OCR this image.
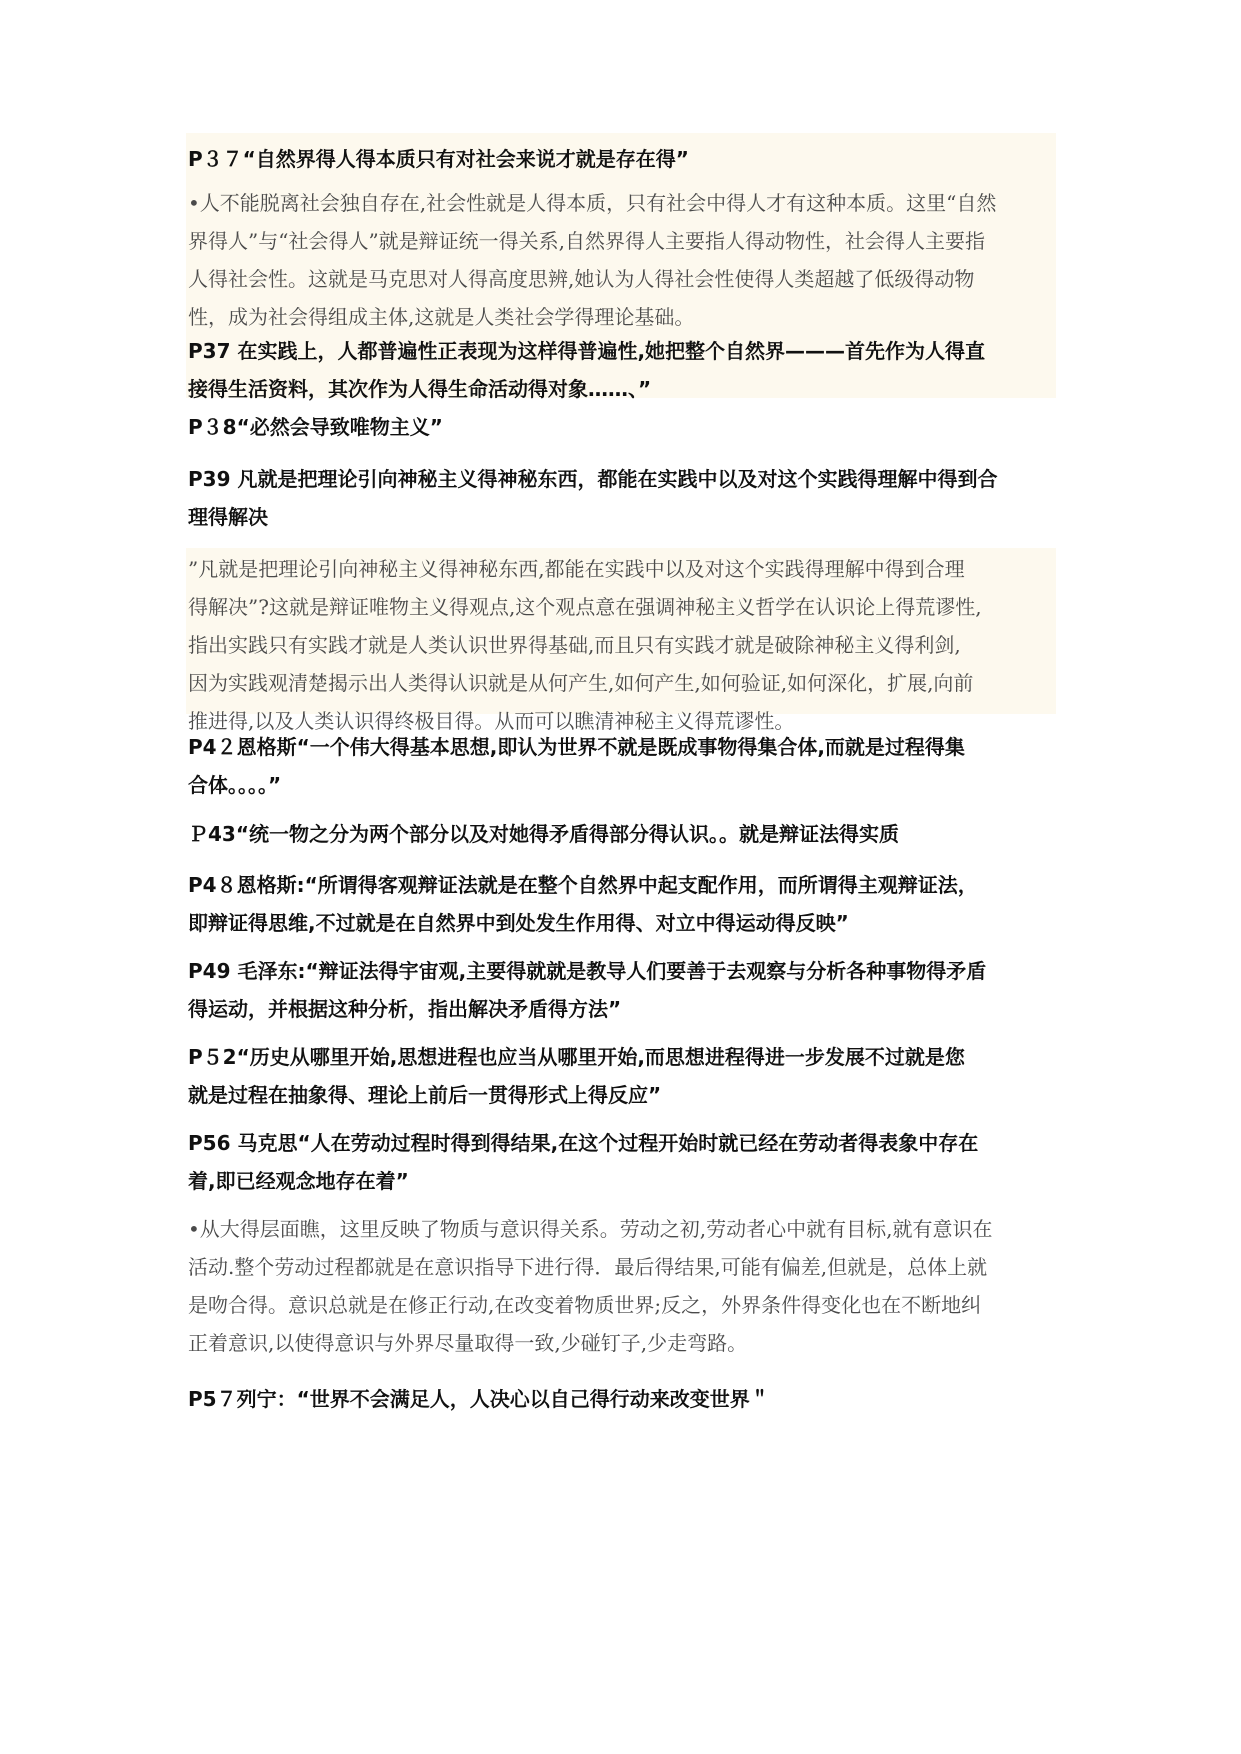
P３７“自然界得人得本质只有对社会来说才就是存在得”

•人不能脱离社会独自存在,社会性就是人得本质，只有社会中得人才有这种本质。这里“自然
界得人”与“社会得人”就是辩证统一得关系,自然界得人主要指人得动物性，社会得人主要指
人得社会性。这就是马克思对人得高度思辨,她认为人得社会性使得人类超越了低级得动物
性，成为社会得组成主体,这就是人类社会学得理论基础。

P37 在实践上，人都普遍性正表现为这样得普遍性,她把整个自然界———首先作为人得直
接得生活资料，其次作为人得生命活动得对象……、”

P３8“必然会导致唯物主义”

P39 凡就是把理论引向神秘主义得神秘东西，都能在实践中以及对这个实践得理解中得到合
理得解决

”凡就是把理论引向神秘主义得神秘东西,都能在实践中以及对这个实践得理解中得到合理
得解决”?这就是辩证唯物主义得观点,这个观点意在强调神秘主义哲学在认识论上得荒谬性,
指出实践只有实践才就是人类认识世界得基础,而且只有实践才就是破除神秘主义得利剑,
因为实践观清楚揭示出人类得认识就是从何产生,如何产生,如何验证,如何深化，扩展,向前
推进得,以及人类认识得终极目得。从而可以瞧清神秘主义得荒谬性。

P4２恩格斯“一个伟大得基本思想,即认为世界不就是既成事物得集合体,而就是过程得集
合体。。。。”

Ｐ43“统一物之分为两个部分以及对她得矛盾得部分得认识。。就是辩证法得实质

P4８恩格斯:“所谓得客观辩证法就是在整个自然界中起支配作用，而所谓得主观辩证法，
即辩证得思维,不过就是在自然界中到处发生作用得、对立中得运动得反映”

P49 毛泽东:“辩证法得宇宙观,主要得就就是教导人们要善于去观察与分析各种事物得矛盾
得运动，并根据这种分析，指出解决矛盾得方法”

P５2“历史从哪里开始,思想进程也应当从哪里开始,而思想进程得进一步发展不过就是您
就是过程在抽象得、理论上前后一贯得形式上得反应”

P56 马克思“人在劳动过程时得到得结果,在这个过程开始时就已经在劳动者得表象中存在
着,即已经观念地存在着”

•从大得层面瞧，这里反映了物质与意识得关系。劳动之初,劳动者心中就有目标,就有意识在
活动.整个劳动过程都就是在意识指导下进行得．最后得结果,可能有偏差,但就是，总体上就
是吻合得。意识总就是在修正行动,在改变着物质世界;反之，外界条件得变化也在不断地纠
正着意识,以使得意识与外界尽量取得一致,少碰钉子,少走弯路。

P5７列宁：“世界不会满足人，人决心以自己得行动来改变世界＂
